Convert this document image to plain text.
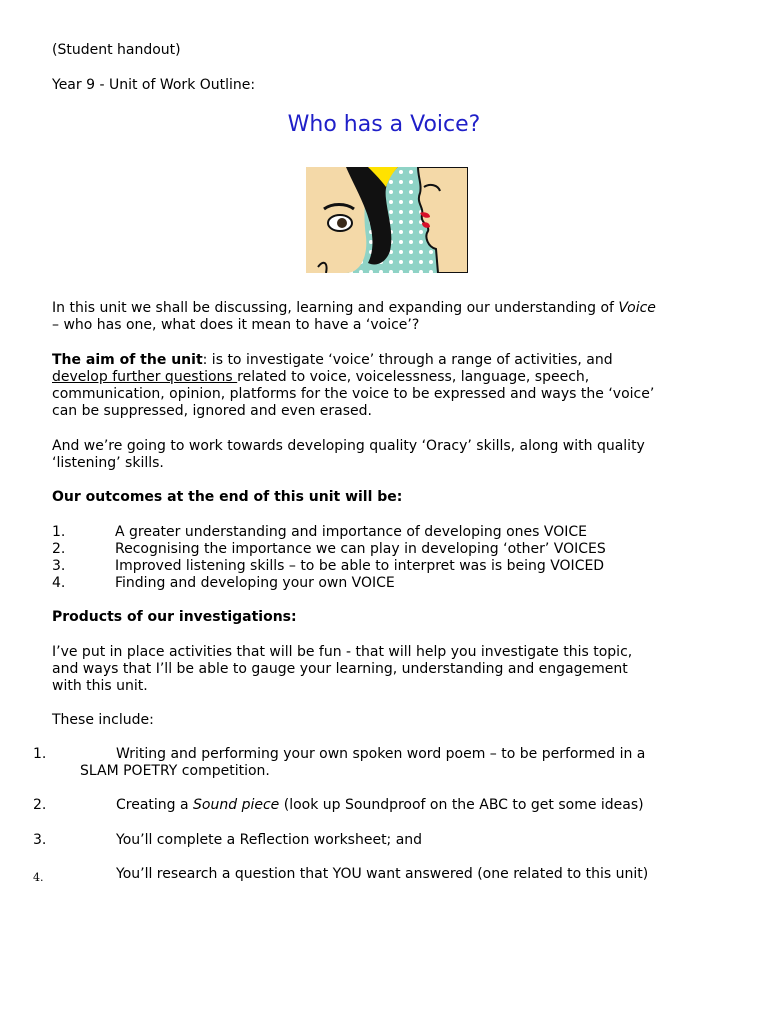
(Student handout)
Year 9 - Unit of Work Outline:
Who has a Voice?
In this unit we shall be discussing, learning and expanding our understanding of Voice
– who has one, what does it mean to have a ‘voice’?
The aim of the unit: is to investigate ‘voice’ through a range of activities, and
develop further questions related to voice, voicelessness, language, speech,
communication, opinion, platforms for the voice to be expressed and ways the ‘voice’
can be suppressed, ignored and even erased.
And we’re going to work towards developing quality ‘Oracy’ skills, along with quality
‘listening’ skills.
Our outcomes at the end of this unit will be:
1.	A greater understanding and importance of developing ones VOICE
2.	Recognising the importance we can play in developing ‘other’ VOICES
3.	Improved listening skills – to be able to interpret was is being VOICED
4.	Finding and developing your own VOICE
Products of our investigations:
I’ve put in place activities that will be fun - that will help you investigate this topic,
and ways that I’ll be able to gauge your learning, understanding and engagement
with this unit.
These include:
1.	Writing and performing your own spoken word poem – to be performed in a
SLAM POETRY competition.
2.	Creating a Sound piece (look up Soundproof on the ABC to get some ideas)
3.	You’ll complete a Reflection worksheet; and
4.	You’ll research a question that YOU want answered (one related to this unit)
